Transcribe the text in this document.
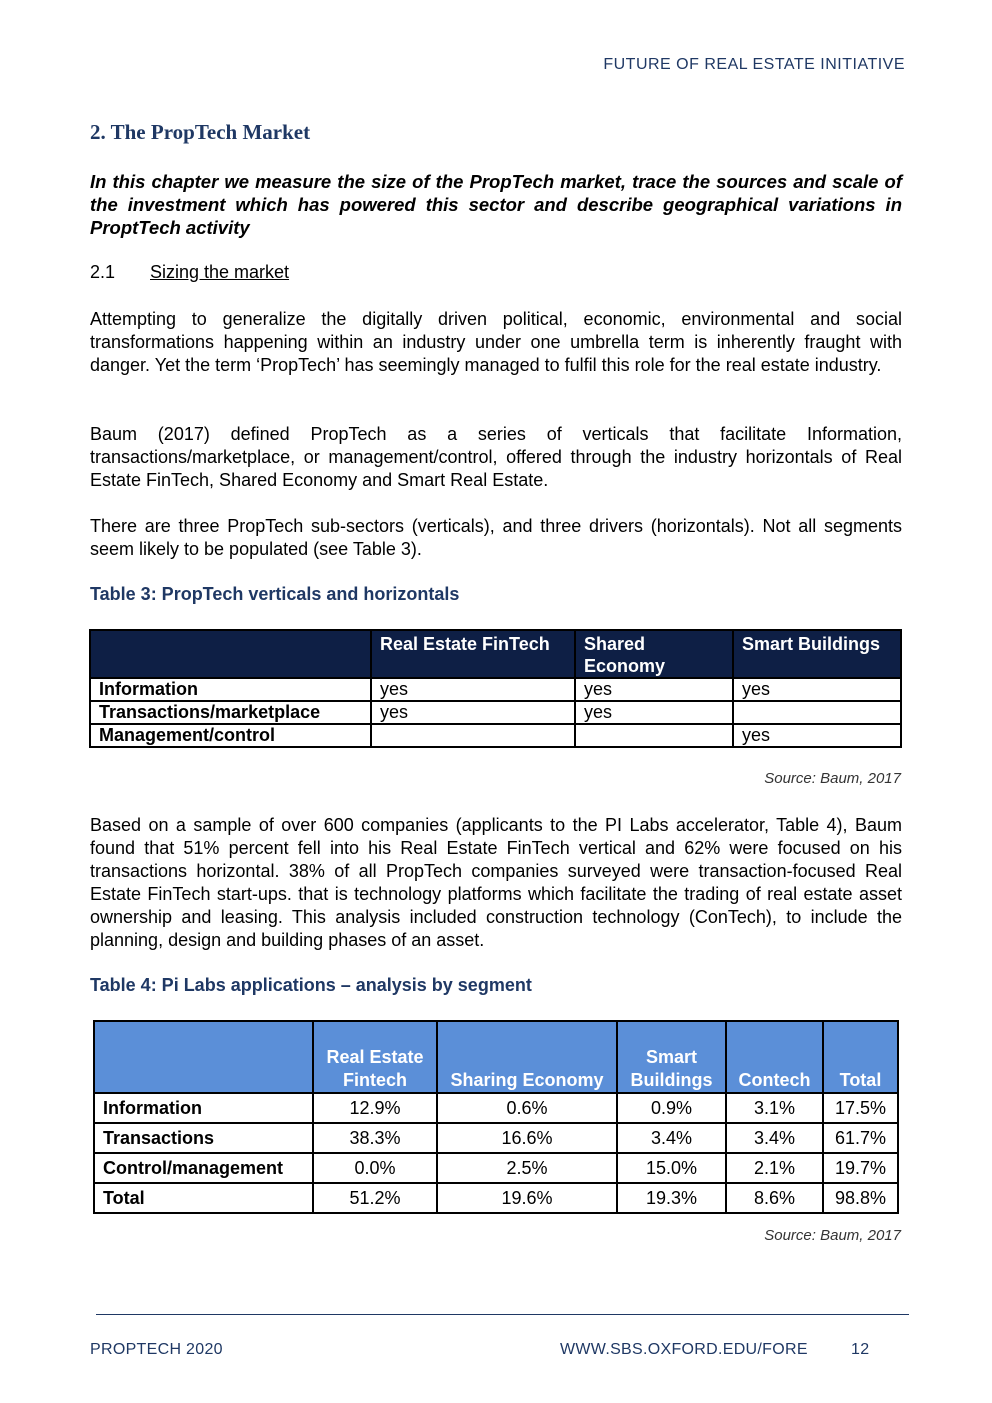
FUTURE OF REAL ESTATE INITIATIVE
2. The PropTech Market
In this chapter we measure the size of the PropTech market, trace the sources and scale of the investment which has powered this sector and describe geographical variations in ProptTech activity
2.1 Sizing the market
Attempting to generalize the digitally driven political, economic, environmental and social transformations happening within an industry under one umbrella term is inherently fraught with danger. Yet the term ‘PropTech’ has seemingly managed to fulfil this role for the real estate industry.
Baum (2017) defined PropTech as a series of verticals that facilitate Information, transactions/marketplace, or management/control, offered through the industry horizontals of Real Estate FinTech, Shared Economy and Smart Real Estate.
There are three PropTech sub-sectors (verticals), and three drivers (horizontals). Not all segments seem likely to be populated (see Table 3).
Table 3: PropTech verticals and horizontals
	Real Estate FinTech	Shared Economy	Smart Buildings
Information	yes	yes	yes
Transactions/marketplace	yes	yes	
Management/control			yes
Source: Baum, 2017
Based on a sample of over 600 companies (applicants to the PI Labs accelerator, Table 4), Baum found that 51% percent fell into his Real Estate FinTech vertical and 62% were focused on his transactions horizontal. 38% of all PropTech companies surveyed were transaction-focused Real Estate FinTech start-ups. that is technology platforms which facilitate the trading of real estate asset ownership and leasing. This analysis included construction technology (ConTech), to include the planning, design and building phases of an asset.
Table 4: Pi Labs applications – analysis by segment
	Real Estate Fintech	Sharing Economy	Smart Buildings	Contech	Total
Information	12.9%	0.6%	0.9%	3.1%	17.5%
Transactions	38.3%	16.6%	3.4%	3.4%	61.7%
Control/management	0.0%	2.5%	15.0%	2.1%	19.7%
Total	51.2%	19.6%	19.3%	8.6%	98.8%
Source: Baum, 2017
PROPTECH 2020	WWW.SBS.OXFORD.EDU/FORE	12
